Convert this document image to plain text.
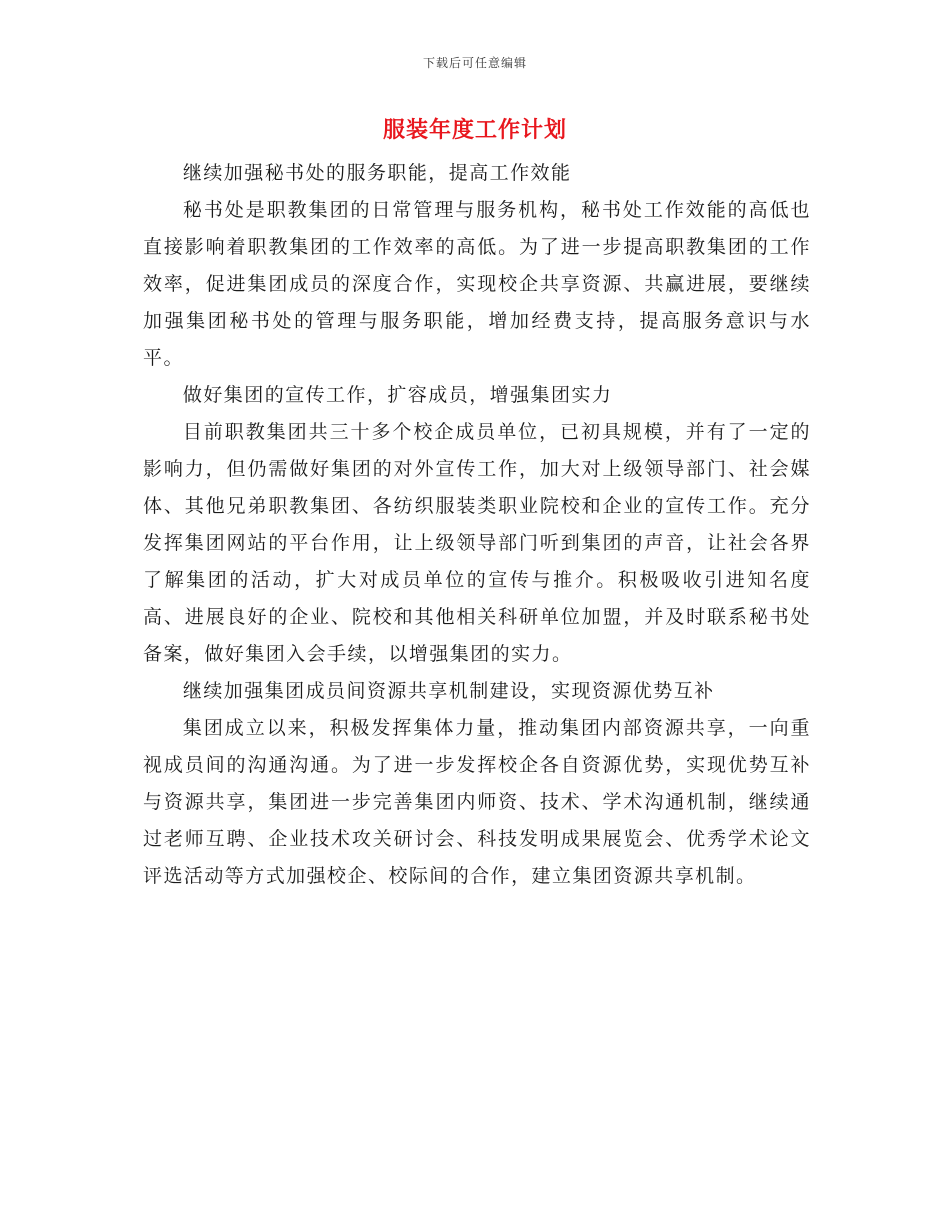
下载后可任意编辑
服装年度工作计划

继续加强秘书处的服务职能，提高工作效能

秘书处是职教集团的日常管理与服务机构，秘书处工作效能的高低也直接影响着职教集团的工作效率的高低。为了进一步提高职教集团的工作效率，促进集团成员的深度合作，实现校企共享资源、共赢进展，要继续加强集团秘书处的管理与服务职能，增加经费支持，提高服务意识与水平。

做好集团的宣传工作，扩容成员，增强集团实力

目前职教集团共三十多个校企成员单位，已初具规模，并有了一定的影响力，但仍需做好集团的对外宣传工作，加大对上级领导部门、社会媒体、其他兄弟职教集团、各纺织服装类职业院校和企业的宣传工作。充分发挥集团网站的平台作用，让上级领导部门听到集团的声音，让社会各界了解集团的活动，扩大对成员单位的宣传与推介。积极吸收引进知名度高、进展良好的企业、院校和其他相关科研单位加盟，并及时联系秘书处备案，做好集团入会手续，以增强集团的实力。

继续加强集团成员间资源共享机制建设，实现资源优势互补

集团成立以来，积极发挥集体力量，推动集团内部资源共享，一向重视成员间的沟通沟通。为了进一步发挥校企各自资源优势，实现优势互补与资源共享，集团进一步完善集团内师资、技术、学术沟通机制，继续通过老师互聘、企业技术攻关研讨会、科技发明成果展览会、优秀学术论文评选活动等方式加强校企、校际间的合作，建立集团资源共享机制。
